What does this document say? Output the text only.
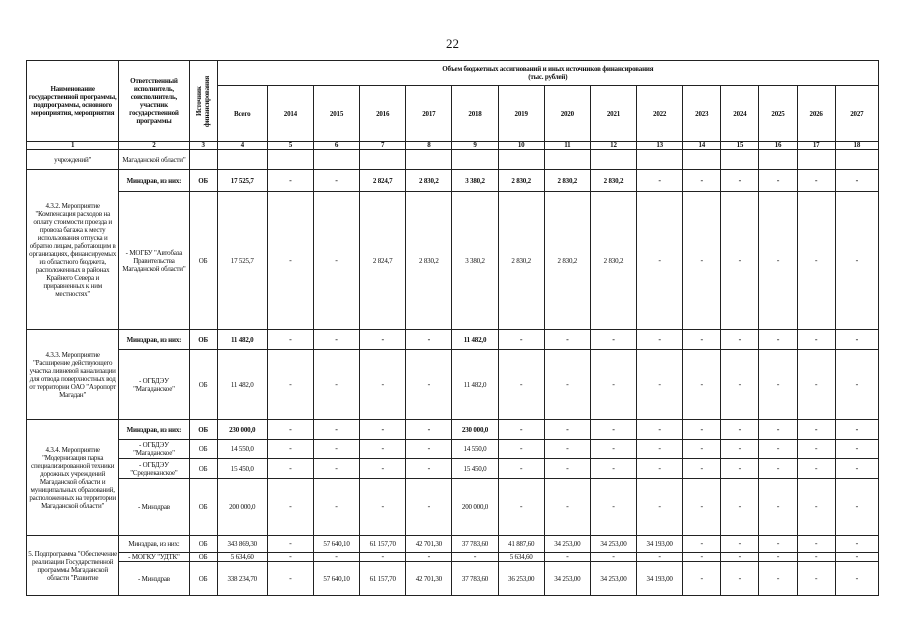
22
Наименование государственной программы, подпрограммы, основного мероприятия, мероприятия	Ответственный исполнитель, соисполнитель, участник государственной программы	Источник финансирования	Объем бюджетных ассигнований и иных источников финансирования
(тыс. рублей)														

			Всего	2014	2015	2016	2017	2018	2019	2020	2021	2022	2023	2024	2025	2026	2027
1	2	3	4	5	6	7	8	9	10	11	12	13	14	15	16	17	18
учреждений"	Магаданской области"																
4.3.2. Мероприятие "Компенсация расходов на оплату стоимости проезда и провоза багажа к месту использования отпуска и обратно лицам, работающим в организациях, финансируемых из областного бюджета, расположенных в районах Крайнего Севера и приравненных к ним местностях"	Минздрав, из них:	ОБ	17 525,7	-	-	2 824,7	2 830,2	3 380,2	2 830,2	2 830,2	2 830,2	-	-	-	-	-	-
	- МОГБУ "Автобаза Правительства Магаданской области"	ОБ	17 525,7	-	-	2 824,7	2 830,2	3 380,2	2 830,2	2 830,2	2 830,2	-	-	-	-	-	-
4.3.3. Мероприятие "Расширение действующего участка ливневой канализации для отвода поверхностных вод от территории ОАО "Аэропорт Магадан"	Минздрав, из них:	ОБ	11 482,0	-	-	-	-	11 482,0	-	-	-	-	-	-	-	-	-
	- ОГБДЭУ "Магаданское"	ОБ	11 482,0	-	-	-	-	11 482,0	-	-	-	-	-	-	-	-	-
4.3.4. Мероприятие "Модернизация парка специализированной техники дорожных учреждений Магаданской области и муниципальных образований, расположенных на территории Магаданской области"	Минздрав, из них:	ОБ	230 000,0	-	-	-	-	230 000,0	-	-	-	-	-	-	-	-	-
	- ОГБДЭУ "Магаданское"	ОБ	14 550,0	-	-	-	-	14 550,0	-	-	-	-	-	-	-	-	-
	- ОГБДЭУ "Среднеканское"	ОБ	15 450,0	-	-	-	-	15 450,0	-	-	-	-	-	-	-	-	-
	- Минздрав	ОБ	200 000,0	-	-	-	-	200 000,0	-	-	-	-	-	-	-	-	-
5. Подпрограмма "Обеспечение реализации Государственной программы Магаданской области "Развитие	Минздрав, из них:	ОБ	343 869,30	-	57 640,10	61 157,70	42 701,30	37 783,60	41 887,60	34 253,00	34 253,00	34 193,00	-	-	-	-	-
	- МОГКУ "УДТК"	ОБ	5 634,60	-	-	-	-	-	5 634,60	-	-	-	-	-	-	-	-
	- Минздрав	ОБ	338 234,70	-	57 640,10	61 157,70	42 701,30	37 783,60	36 253,00	34 253,00	34 253,00	34 193,00	-	-	-	-	-
